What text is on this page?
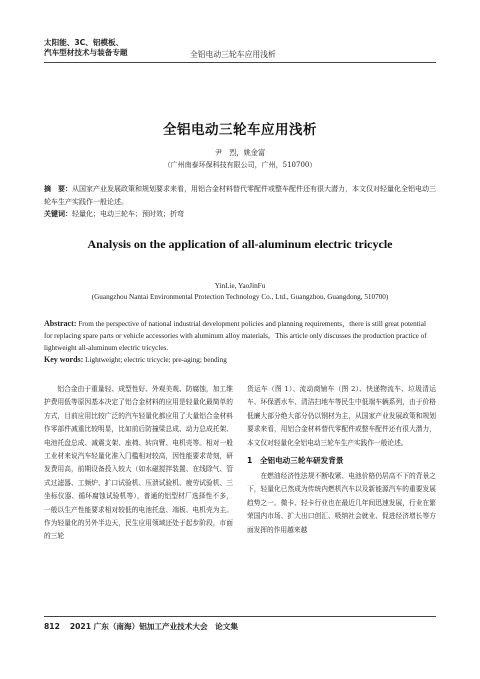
太阳能、3C、铝模板、
汽车型材技术与装备专题	全铝电动三轮车应用浅析
全铝电动三轮车应用浅析
尹　烈，姚金富
（广州南泰环保科技有限公司，广州，510700）
摘　要：从国家产业发展政策和规划要求来看，用铝合金材料替代零配件或整车配件还有很大潜力，本文仅对轻量化全铝电动三轮车生产实践作一般论述。
关键词：轻量化；电动三轮车；预时效；折弯
Analysis on the application of all-aluminum electric tricycle
YinLie, YaoJinFu
(Guangzhou Nantai Environmental Protection Technology Co., Ltd., Guangzhou, Guangdong, 510700)
Abstract: From the perspective of national industrial development policies and planning requirements，there is still great potential for replacing spare parts or vehicle accessories with aluminum alloy materials。This article only discusses the production practice of lightweight all-aluminum electric tricycles.
Key words: Lightweight; electric tricycle; pre-aging; bending

铝合金由于重量轻、成型性好、外观美观、防腐蚀，加工维护费用低等原因基本决定了铝合金材料的应用是轻量化最简单的方式，目前应用比较广泛的汽车轻量化都应用了大量铝合金材料作零部件减重比较明显，比如前后防撞梁总成、动力总成托架、电池托盘总成、减震支架、座椅、转向臂、电机壳等。相对一般工业材来说汽车轻量化准入门槛相对较高，因性能要求苛刻，研发费用高，前期设备投入较大（如水磁搅拌装置、在线除气、管式过滤器、工频炉、扩口试验机、压溃试验机、疲劳试验机、三坐标仪器、循环腐蚀试验机等），普通的铝型材厂选择性不多，一般以生产性能要求相对较低的电池托盘、端板、电机壳为主。作为轻量化的另外半边天，民生应用领域还处于起步阶段，市面的三轮

货运车（图 1）、流动商铺车（图 2）、快递物流车、垃圾清运车、环保洒水车、清洁扫地车等民生中低端车辆系列，由于价格低廉大部分绝大部分仍以钢材为主，从国家产业发展政策和规划要求来看，用铝合金材料替代零配件或整车配件还有很大潜力，本文仅对轻量化全铝电动三轮车生产实践作一般论述。

1　全铝电动三轮车研发背景

在燃油经济性法规不断收紧、电池价格仍居高不下的背景之下，轻量化已然成为传统内燃机汽车以及新能源汽车的重要发展趋势之一。微卡、轻卡行业也在最近几年间迅速发展，行业在繁荣国内市场、扩大出口创汇、吸纳社会就业、促进经济增长等方面发挥的作用越来越

812 2021 广东（南海）铝加工产业技术大会　论文集
